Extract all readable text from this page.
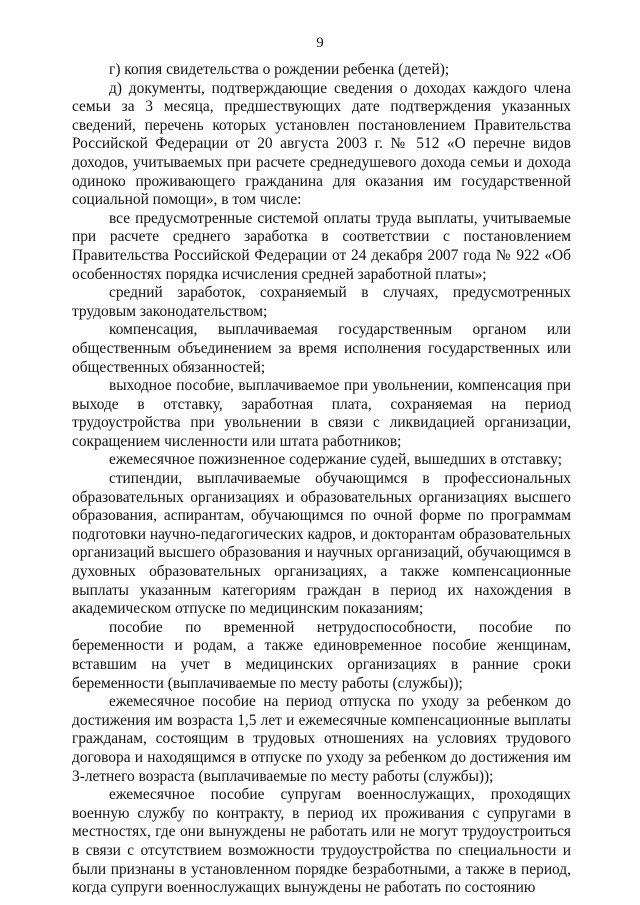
9

г) копия свидетельства о рождении ребенка (детей);

д) документы, подтверждающие сведения о доходах каждого члена семьи за 3 месяца, предшествующих дате подтверждения указанных сведений, перечень которых установлен постановлением Правительства Российской Федерации от 20 августа 2003 г. № 512 «О перечне видов доходов, учитываемых при расчете среднедушевого дохода семьи и дохода одиноко проживающего гражданина для оказания им государственной социальной помощи», в том числе:

все предусмотренные системой оплаты труда выплаты, учитываемые при расчете среднего заработка в соответствии с постановлением Правительства Российской Федерации от 24 декабря 2007 года № 922 «Об особенностях порядка исчисления средней заработной платы»;

средний заработок, сохраняемый в случаях, предусмотренных трудовым законодательством;

компенсация, выплачиваемая государственным органом или общественным объединением за время исполнения государственных или общественных обязанностей;

выходное пособие, выплачиваемое при увольнении, компенсация при выходе в отставку, заработная плата, сохраняемая на период трудоустройства при увольнении в связи с ликвидацией организации, сокращением численности или штата работников;

ежемесячное пожизненное содержание судей, вышедших в отставку;

стипендии, выплачиваемые обучающимся в профессиональных образовательных организациях и образовательных организациях высшего образования, аспирантам, обучающимся по очной форме по программам подготовки научно-педагогических кадров, и докторантам образовательных организаций высшего образования и научных организаций, обучающимся в духовных образовательных организациях, а также компенсационные выплаты указанным категориям граждан в период их нахождения в академическом отпуске по медицинским показаниям;

пособие по временной нетрудоспособности, пособие по беременности и родам, а также единовременное пособие женщинам, вставшим на учет в медицинских организациях в ранние сроки беременности (выплачиваемые по месту работы (службы));

ежемесячное пособие на период отпуска по уходу за ребенком до достижения им возраста 1,5 лет и ежемесячные компенсационные выплаты гражданам, состоящим в трудовых отношениях на условиях трудового договора и находящимся в отпуске по уходу за ребенком до достижения им 3-летнего возраста (выплачиваемые по месту работы (службы));

ежемесячное пособие супругам военнослужащих, проходящих военную службу по контракту, в период их проживания с супругами в местностях, где они вынуждены не работать или не могут трудоустроиться в связи с отсутствием возможности трудоустройства по специальности и были признаны в установленном порядке безработными, а также в период, когда супруги военнослужащих вынуждены не работать по состоянию
